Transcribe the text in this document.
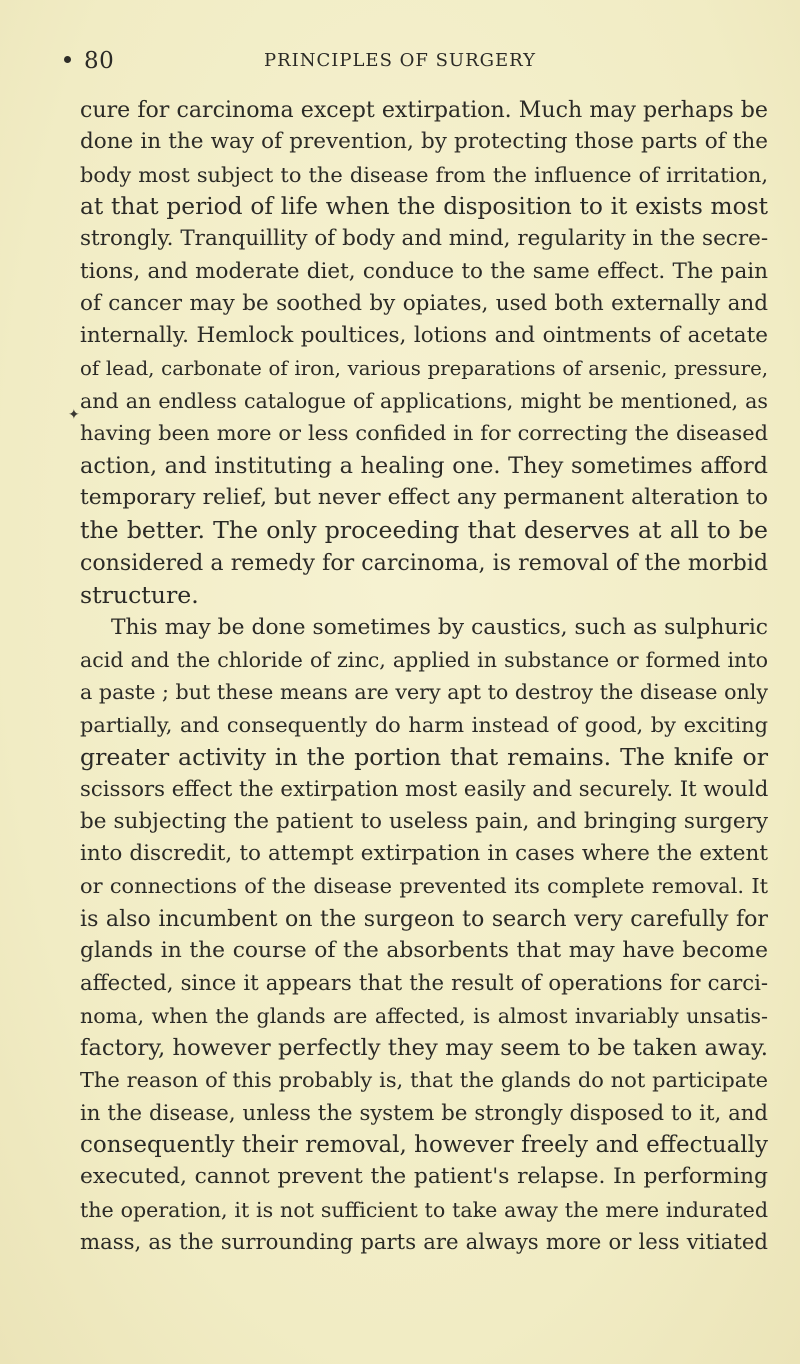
80	PRINCIPLES OF SURGERY
✦
cure for carcinoma except extirpation. Much may perhaps be
done in the way of prevention, by protecting those parts of the
body most subject to the disease from the influence of irritation,
at that period of life when the disposition to it exists most
strongly. Tranquillity of body and mind, regularity in the secre-
tions, and moderate diet, conduce to the same effect. The pain
of cancer may be soothed by opiates, used both externally and
internally. Hemlock poultices, lotions and ointments of acetate
of lead, carbonate of iron, various preparations of arsenic, pressure,
and an endless catalogue of applications, might be mentioned, as
having been more or less confided in for correcting the diseased
action, and instituting a healing one. They sometimes afford
temporary relief, but never effect any permanent alteration to
the better. The only proceeding that deserves at all to be
considered a remedy for carcinoma, is removal of the morbid
structure.
This may be done sometimes by caustics, such as sulphuric
acid and the chloride of zinc, applied in substance or formed into
a paste ; but these means are very apt to destroy the disease only
partially, and consequently do harm instead of good, by exciting
greater activity in the portion that remains. The knife or
scissors effect the extirpation most easily and securely. It would
be subjecting the patient to useless pain, and bringing surgery
into discredit, to attempt extirpation in cases where the extent
or connections of the disease prevented its complete removal. It
is also incumbent on the surgeon to search very carefully for
glands in the course of the absorbents that may have become
affected, since it appears that the result of operations for carci-
noma, when the glands are affected, is almost invariably unsatis-
factory, however perfectly they may seem to be taken away.
The reason of this probably is, that the glands do not participate
in the disease, unless the system be strongly disposed to it, and
consequently their removal, however freely and effectually
executed, cannot prevent the patient's relapse. In performing
the operation, it is not sufficient to take away the mere indurated
mass, as the surrounding parts are always more or less vitiated
